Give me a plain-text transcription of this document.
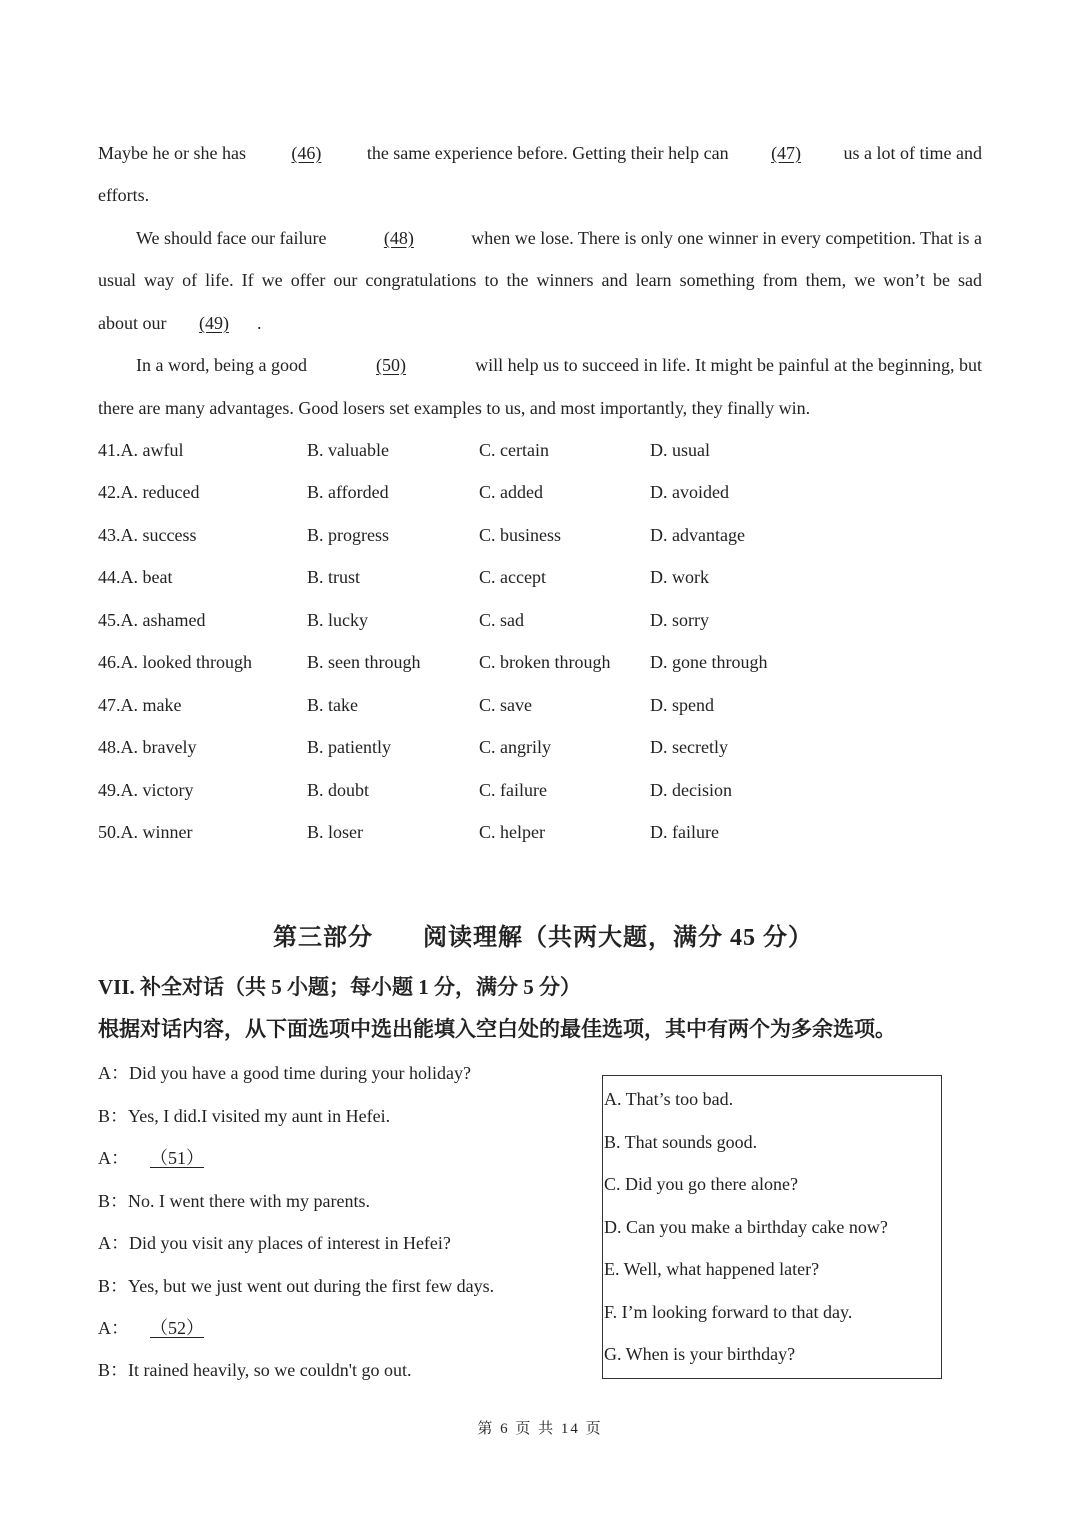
Maybe he or she has	(46)	the same experience before. Getting their help can	(47)	us a lot of time and
efforts.
We should face our failure	(48)	when we lose. There is only one winner in every competition. That is a
usual way of life. If we offer our congratulations to the winners and learn something from them, we won’t be sad
about our (49) .
In a word, being a good	(50)	will help us to succeed in life. It might be painful at the beginning, but
there are many advantages. Good losers set examples to us, and most importantly, they finally win.
41.A. awful	B. valuable	C. certain	D. usual
42.A. reduced	B. afforded	C. added	D. avoided
43.A. success	B. progress	C. business	D. advantage
44.A. beat	B. trust	C. accept	D. work
45.A. ashamed	B. lucky	C. sad	D. sorry
46.A. looked through	B. seen through	C. broken through D. gone through
47.A. make	B. take	C. save	D. spend
48.A. bravely	B. patiently	C. angrily	D. secretly
49.A. victory	B. doubt	C. failure	D. decision
50.A. winner	B. loser	C. helper	D. failure
第三部分　　阅读理解（共两大题，满分 45 分）
VII. 补全对话（共 5 小题；每小题 1 分，满分 5 分）
根据对话内容，从下面选项中选出能填入空白处的最佳选项，其中有两个为多余选项。
A：Did you have a good time during your holiday?
B：Yes, I did.I visited my aunt in Hefei.
A： （51）
B：No. I went there with my parents.
A：Did you visit any places of interest in Hefei?
B：Yes, but we just went out during the first few days.
A： （52）
B：It rained heavily, so we couldn't go out.
A. That’s too bad.
B. That sounds good.
C. Did you go there alone?
D. Can you make a birthday cake now?
E. Well, what happened later?
F. I’m looking forward to that day.
G. When is your birthday?
第 6 页 共 14 页
